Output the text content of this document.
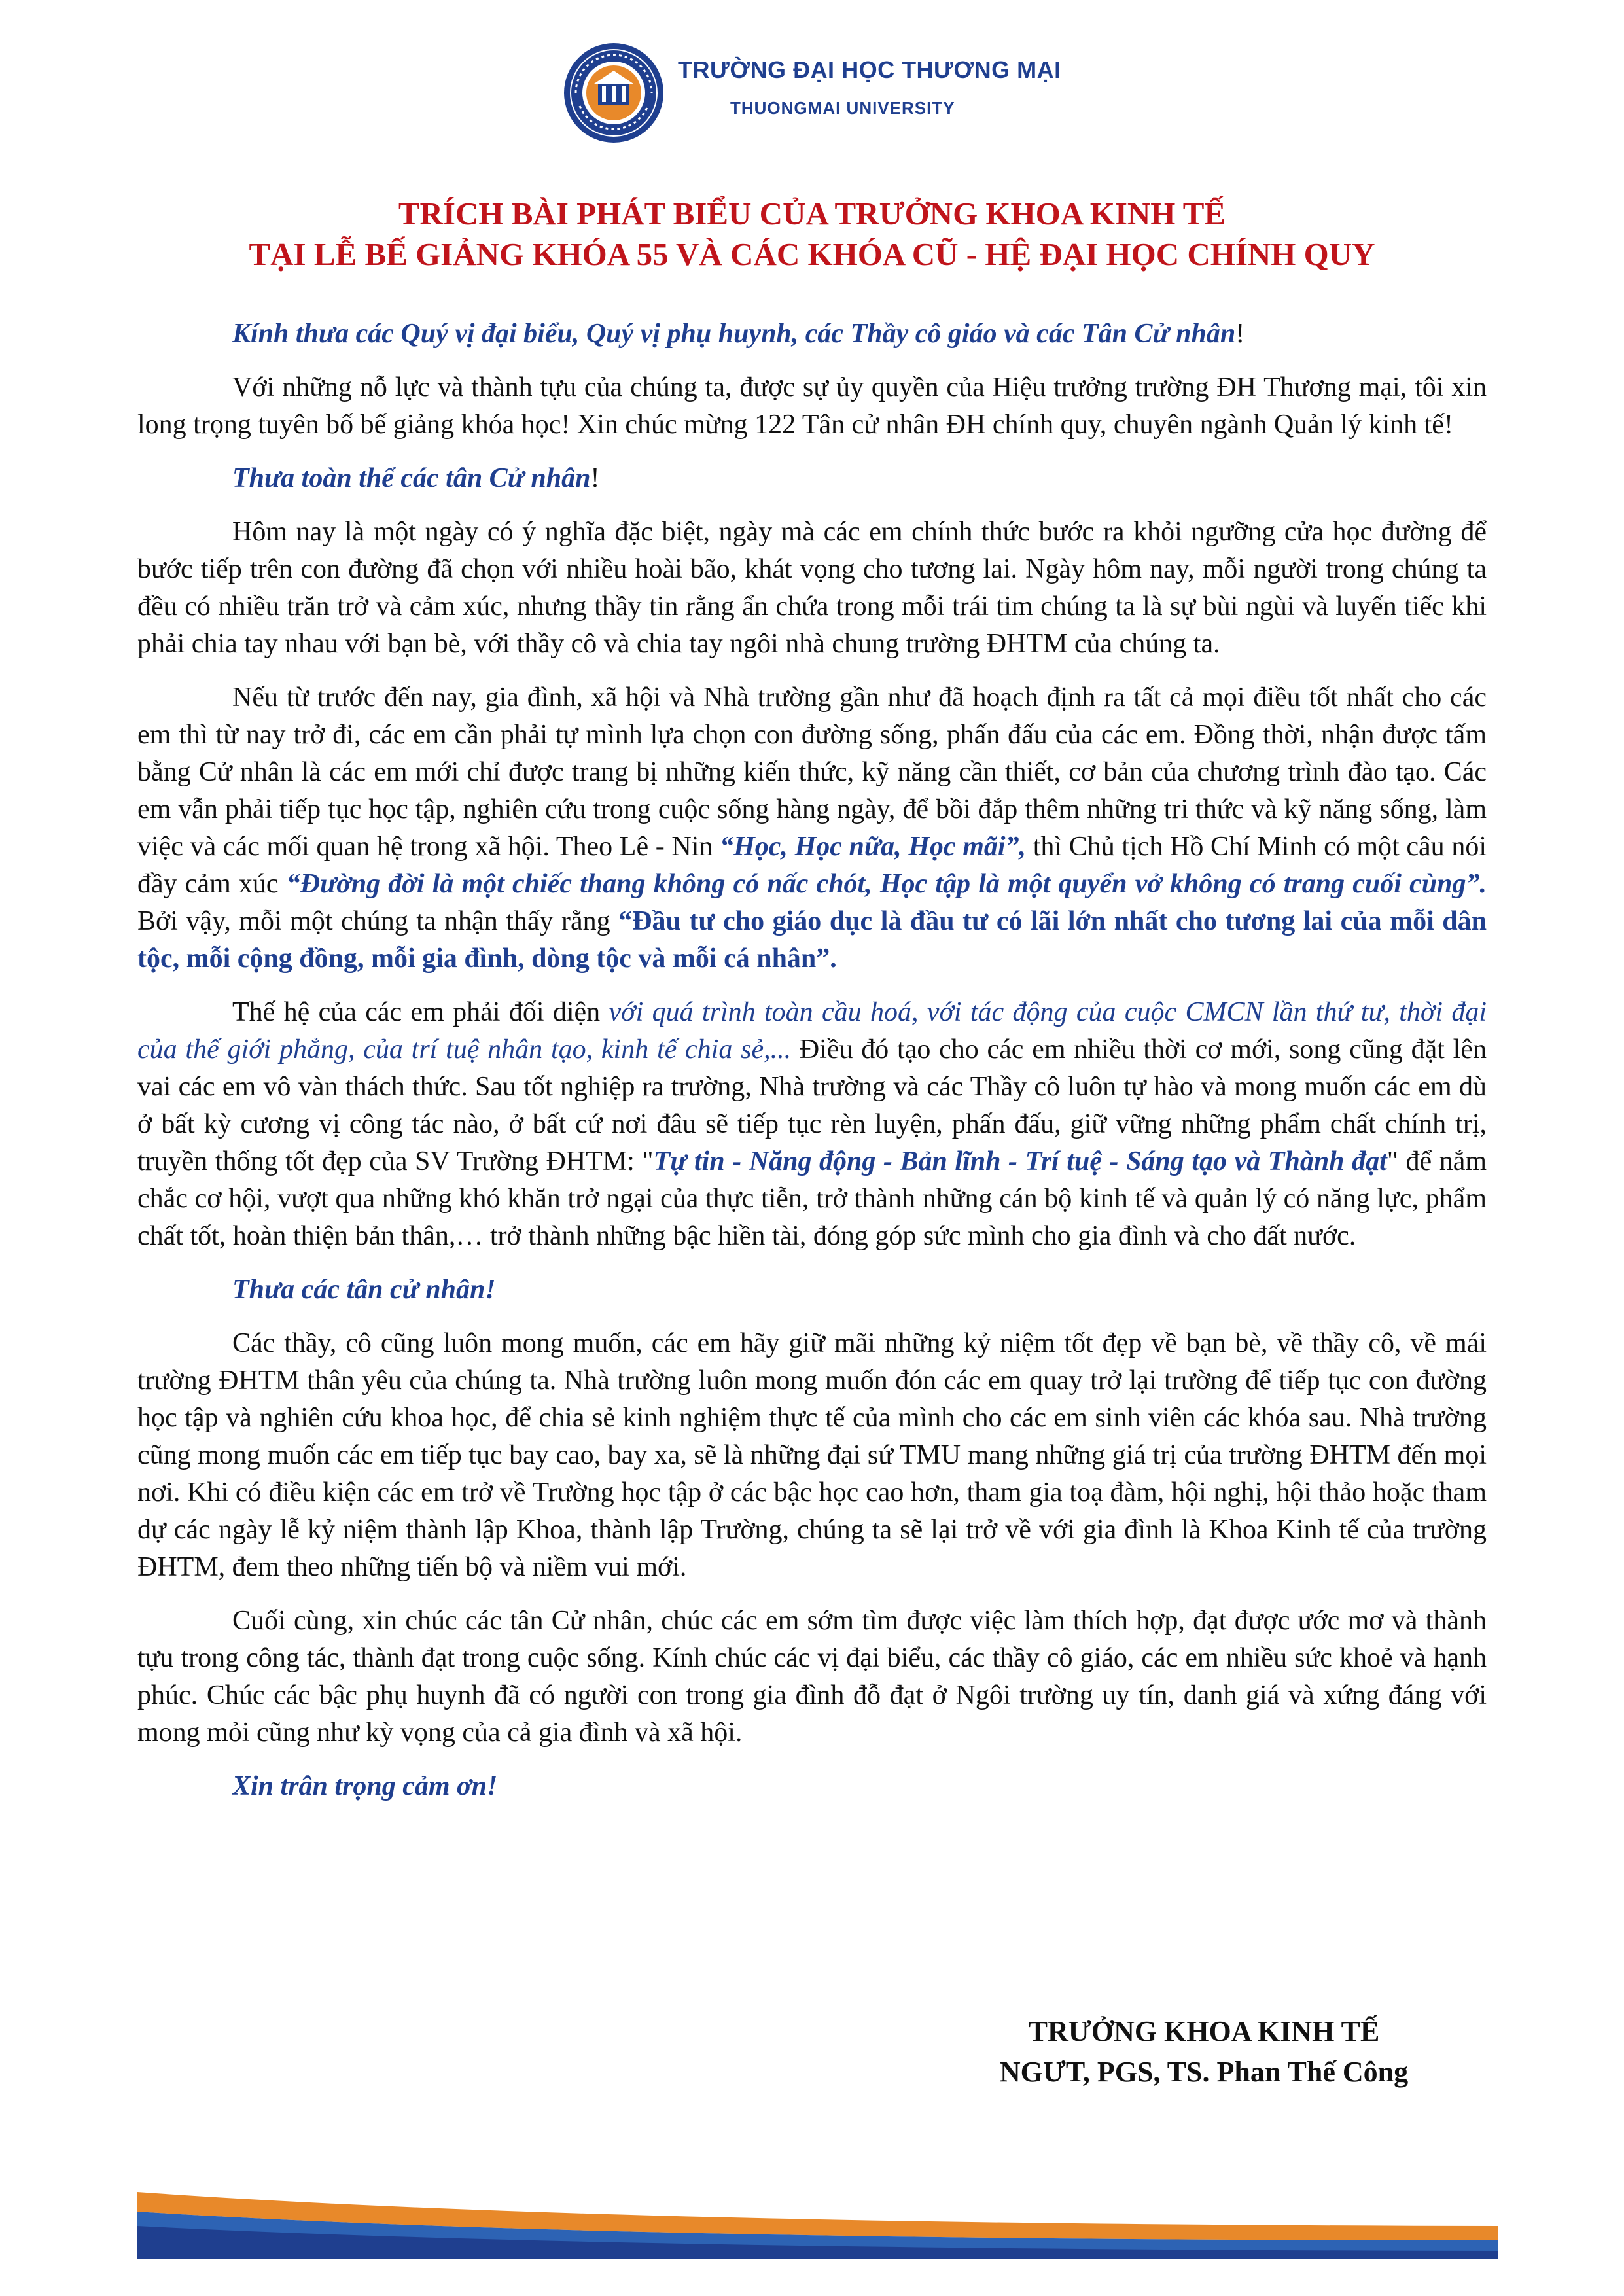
TRƯỜNG ĐẠI HỌC THƯƠNG MẠI
THUONGMAI UNIVERSITY
TRÍCH BÀI PHÁT BIỂU CỦA TRƯỞNG KHOA KINH TẾ
TẠI LỄ BẾ GIẢNG KHÓA 55 VÀ CÁC KHÓA CŨ - HỆ ĐẠI HỌC CHÍNH QUY

Kính thưa các Quý vị đại biểu, Quý vị phụ huynh, các Thầy cô giáo và các Tân Cử nhân!

Với những nỗ lực và thành tựu của chúng ta, được sự ủy quyền của Hiệu trưởng trường ĐH Thương mại, tôi xin long trọng tuyên bố bế giảng khóa học! Xin chúc mừng 122 Tân cử nhân ĐH chính quy, chuyên ngành Quản lý kinh tế!

Thưa toàn thể các tân Cử nhân!

Hôm nay là một ngày có ý nghĩa đặc biệt, ngày mà các em chính thức bước ra khỏi ngưỡng cửa học đường để bước tiếp trên con đường đã chọn với nhiều hoài bão, khát vọng cho tương lai. Ngày hôm nay, mỗi người trong chúng ta đều có nhiều trăn trở và cảm xúc, nhưng thầy tin rằng ẩn chứa trong mỗi trái tim chúng ta là sự bùi ngùi và luyến tiếc khi phải chia tay nhau với bạn bè, với thầy cô và chia tay ngôi nhà chung trường ĐHTM của chúng ta.

Nếu từ trước đến nay, gia đình, xã hội và Nhà trường gần như đã hoạch định ra tất cả mọi điều tốt nhất cho các em thì từ nay trở đi, các em cần phải tự mình lựa chọn con đường sống, phấn đấu của các em. Đồng thời, nhận được tấm bằng Cử nhân là các em mới chỉ được trang bị những kiến thức, kỹ năng cần thiết, cơ bản của chương trình đào tạo. Các em vẫn phải tiếp tục học tập, nghiên cứu trong cuộc sống hàng ngày, để bồi đắp thêm những tri thức và kỹ năng sống, làm việc và các mối quan hệ trong xã hội. Theo Lê - Nin “Học, Học nữa, Học mãi”, thì Chủ tịch Hồ Chí Minh có một câu nói đầy cảm xúc “Đường đời là một chiếc thang không có nấc chót, Học tập là một quyển vở không có trang cuối cùng”. Bởi vậy, mỗi một chúng ta nhận thấy rằng “Đầu tư cho giáo dục là đầu tư có lãi lớn nhất cho tương lai của mỗi dân tộc, mỗi cộng đồng, mỗi gia đình, dòng tộc và mỗi cá nhân”.

Thế hệ của các em phải đối diện với quá trình toàn cầu hoá, với tác động của cuộc CMCN lần thứ tư, thời đại của thế giới phẳng, của trí tuệ nhân tạo, kinh tế chia sẻ,... Điều đó tạo cho các em nhiều thời cơ mới, song cũng đặt lên vai các em vô vàn thách thức. Sau tốt nghiệp ra trường, Nhà trường và các Thầy cô luôn tự hào và mong muốn các em dù ở bất kỳ cương vị công tác nào, ở bất cứ nơi đâu sẽ tiếp tục rèn luyện, phấn đấu, giữ vững những phẩm chất chính trị, truyền thống tốt đẹp của SV Trường ĐHTM: "Tự tin - Năng động - Bản lĩnh - Trí tuệ - Sáng tạo và Thành đạt" để nắm chắc cơ hội, vượt qua những khó khăn trở ngại của thực tiễn, trở thành những cán bộ kinh tế và quản lý có năng lực, phẩm chất tốt, hoàn thiện bản thân,… trở thành những bậc hiền tài, đóng góp sức mình cho gia đình và cho đất nước.

Thưa các tân cử nhân!

Các thầy, cô cũng luôn mong muốn, các em hãy giữ mãi những kỷ niệm tốt đẹp về bạn bè, về thầy cô, về mái trường ĐHTM thân yêu của chúng ta. Nhà trường luôn mong muốn đón các em quay trở lại trường để tiếp tục con đường học tập và nghiên cứu khoa học, để chia sẻ kinh nghiệm thực tế của mình cho các em sinh viên các khóa sau. Nhà trường cũng mong muốn các em tiếp tục bay cao, bay xa, sẽ là những đại sứ TMU mang những giá trị của trường ĐHTM đến mọi nơi. Khi có điều kiện các em trở về Trường học tập ở các bậc học cao hơn, tham gia toạ đàm, hội nghị, hội thảo hoặc tham dự các ngày lễ kỷ niệm thành lập Khoa, thành lập Trường, chúng ta sẽ lại trở về với gia đình là Khoa Kinh tế của trường ĐHTM, đem theo những tiến bộ và niềm vui mới.

Cuối cùng, xin chúc các tân Cử nhân, chúc các em sớm tìm được việc làm thích hợp, đạt được ước mơ và thành tựu trong công tác, thành đạt trong cuộc sống. Kính chúc các vị đại biểu, các thầy cô giáo, các em nhiều sức khoẻ và hạnh phúc. Chúc các bậc phụ huynh đã có người con trong gia đình đỗ đạt ở Ngôi trường uy tín, danh giá và xứng đáng với mong mỏi cũng như kỳ vọng của cả gia đình và xã hội.

Xin trân trọng cảm ơn!

TRƯỞNG KHOA KINH TẾ
NGƯT, PGS, TS. Phan Thế Công
